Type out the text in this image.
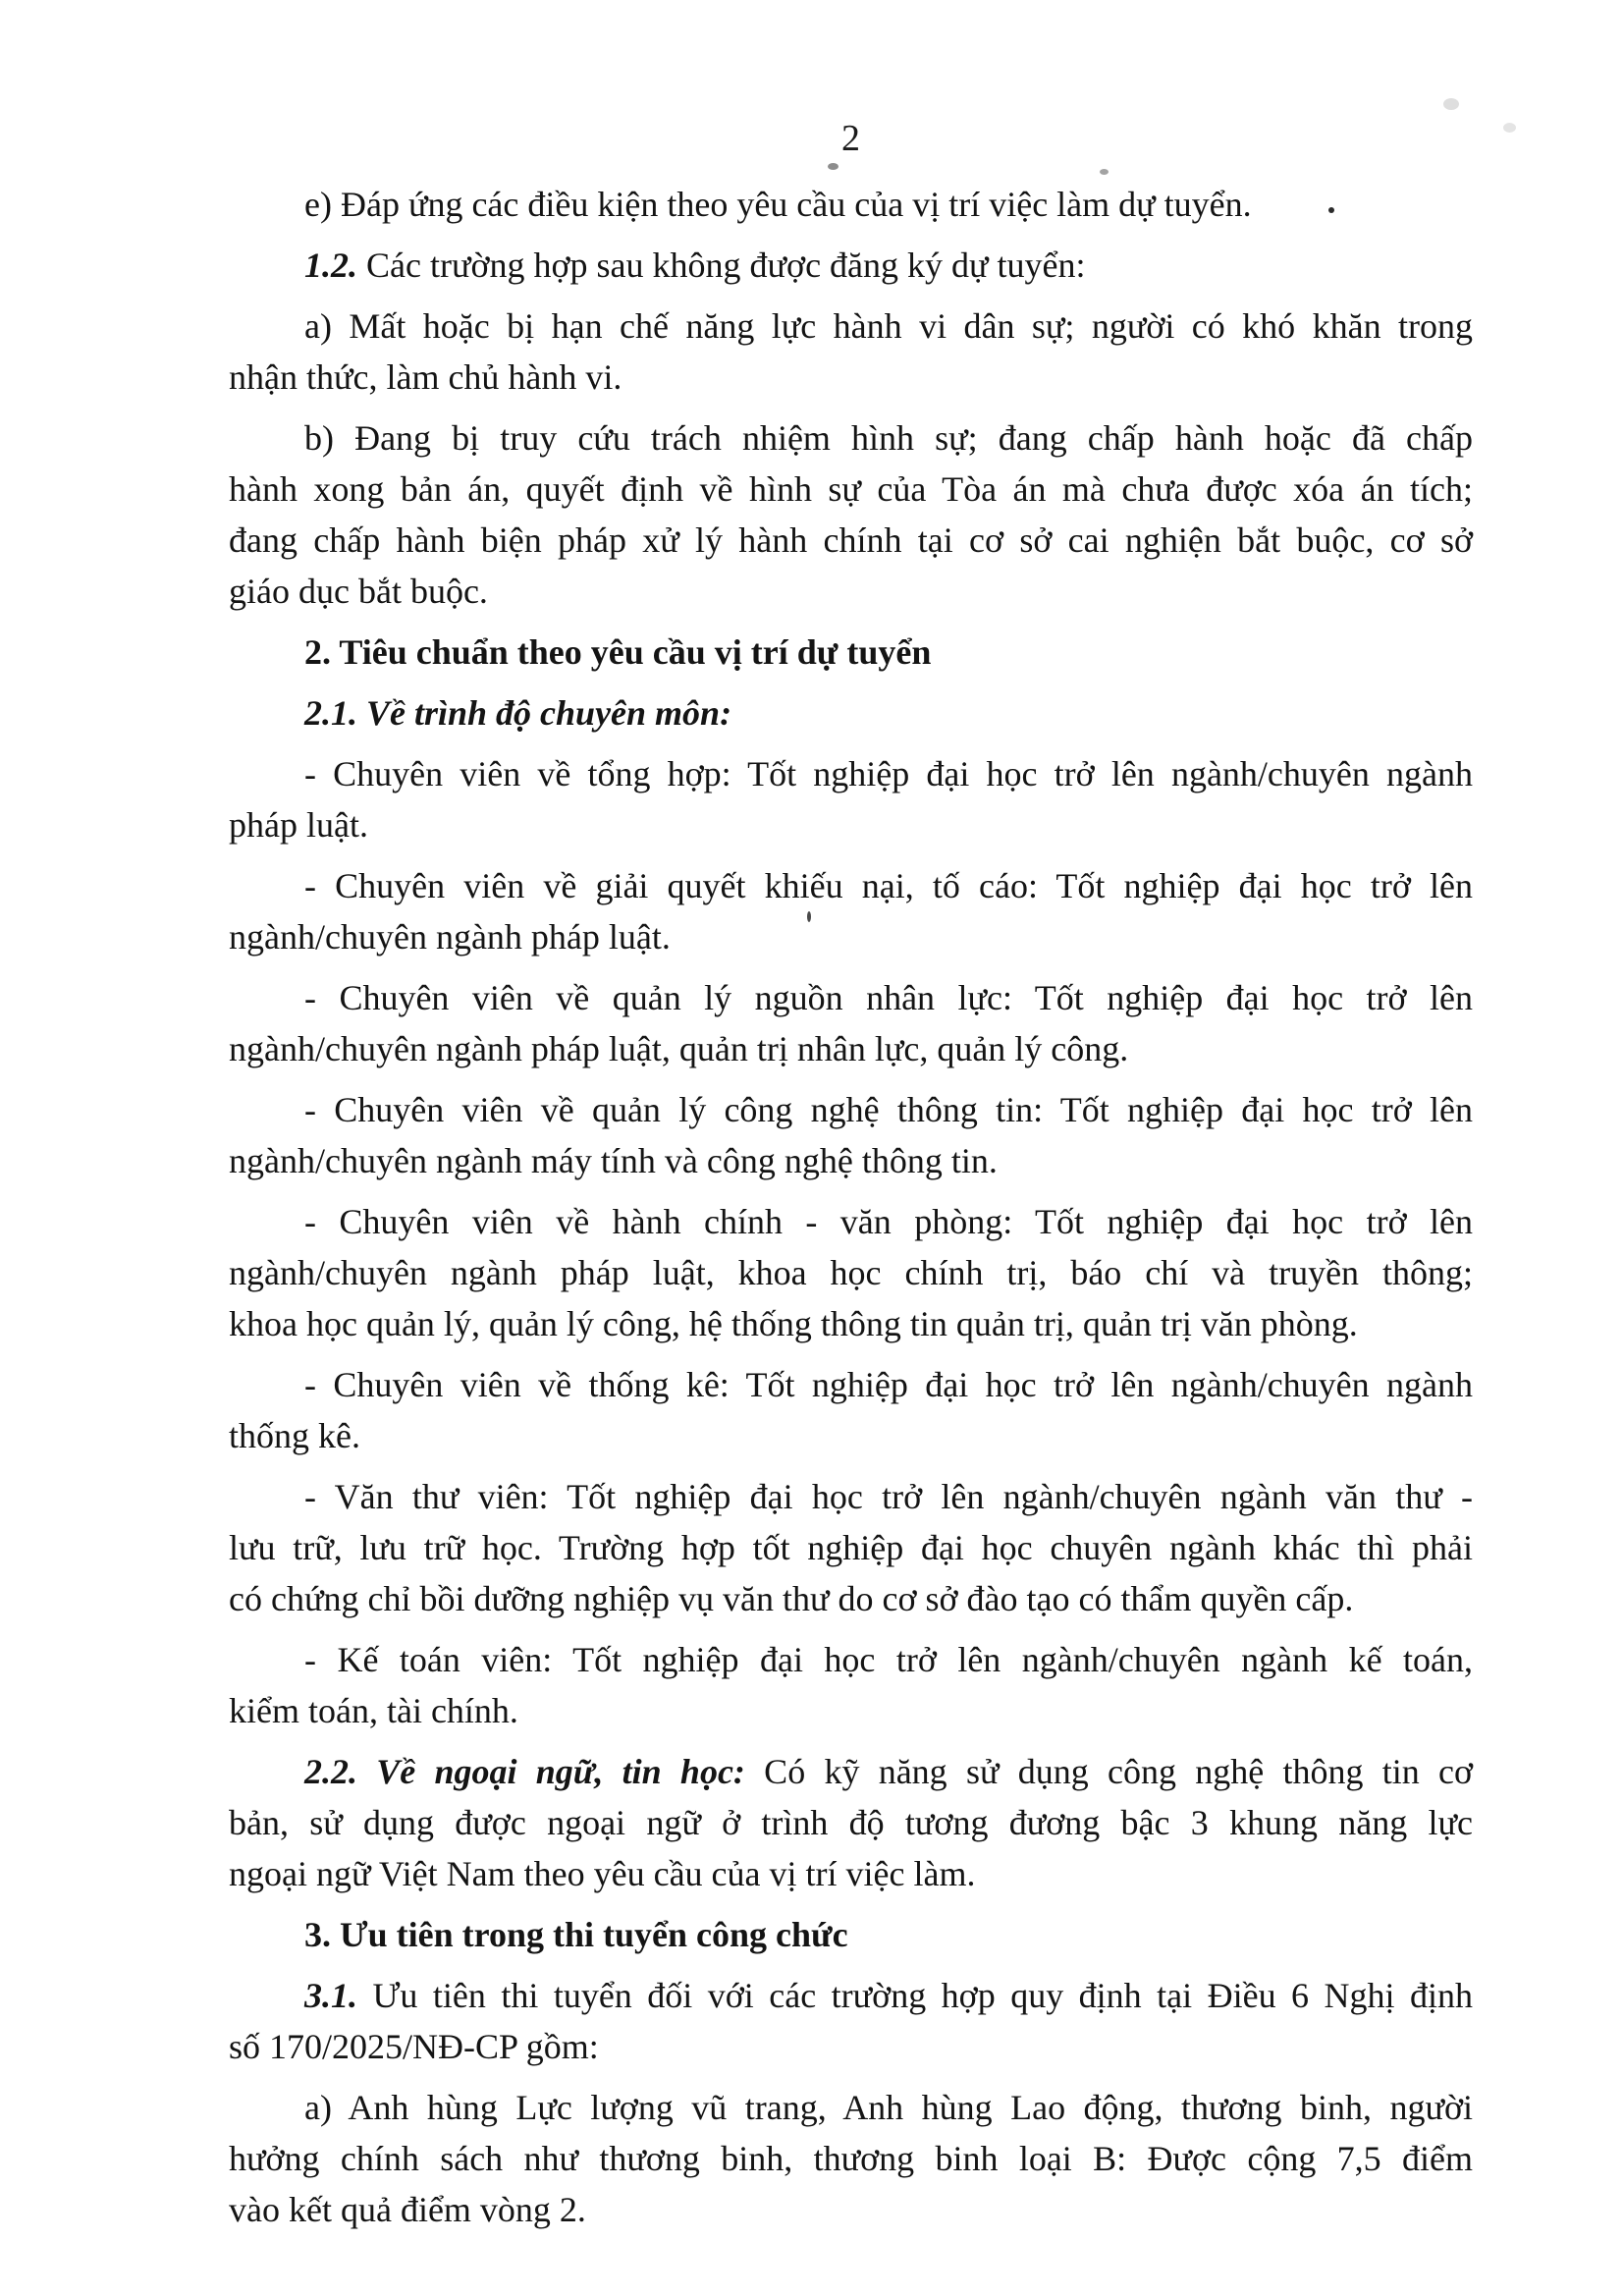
2
e) Đáp ứng các điều kiện theo yêu cầu của vị trí việc làm dự tuyển.
1.2. Các trường hợp sau không được đăng ký dự tuyển:
a) Mất hoặc bị hạn chế năng lực hành vi dân sự; người có khó khăn trong
nhận thức, làm chủ hành vi.
b) Đang bị truy cứu trách nhiệm hình sự; đang chấp hành hoặc đã chấp
hành xong bản án, quyết định về hình sự của Tòa án mà chưa được xóa án tích;
đang chấp hành biện pháp xử lý hành chính tại cơ sở cai nghiện bắt buộc, cơ sở
giáo dục bắt buộc.
2. Tiêu chuẩn theo yêu cầu vị trí dự tuyển
2.1. Về trình độ chuyên môn:
- Chuyên viên về tổng hợp: Tốt nghiệp đại học trở lên ngành/chuyên ngành
pháp luật.
- Chuyên viên về giải quyết khiếu nại, tố cáo: Tốt nghiệp đại học trở lên
ngành/chuyên ngành pháp luật.
- Chuyên viên về quản lý nguồn nhân lực: Tốt nghiệp đại học trở lên
ngành/chuyên ngành pháp luật, quản trị nhân lực, quản lý công.
- Chuyên viên về quản lý công nghệ thông tin: Tốt nghiệp đại học trở lên
ngành/chuyên ngành máy tính và công nghệ thông tin.
- Chuyên viên về hành chính - văn phòng: Tốt nghiệp đại học trở lên
ngành/chuyên ngành pháp luật, khoa học chính trị, báo chí và truyền thông;
khoa học quản lý, quản lý công, hệ thống thông tin quản trị, quản trị văn phòng.
- Chuyên viên về thống kê: Tốt nghiệp đại học trở lên ngành/chuyên ngành
thống kê.
- Văn thư viên: Tốt nghiệp đại học trở lên ngành/chuyên ngành văn thư -
lưu trữ, lưu trữ học. Trường hợp tốt nghiệp đại học chuyên ngành khác thì phải
có chứng chỉ bồi dưỡng nghiệp vụ văn thư do cơ sở đào tạo có thẩm quyền cấp.
- Kế toán viên: Tốt nghiệp đại học trở lên ngành/chuyên ngành kế toán,
kiểm toán, tài chính.
2.2. Về ngoại ngữ, tin học: Có kỹ năng sử dụng công nghệ thông tin cơ
bản, sử dụng được ngoại ngữ ở trình độ tương đương bậc 3 khung năng lực
ngoại ngữ Việt Nam theo yêu cầu của vị trí việc làm.
3. Ưu tiên trong thi tuyển công chức
3.1. Ưu tiên thi tuyển đối với các trường hợp quy định tại Điều 6 Nghị định
số 170/2025/NĐ-CP gồm:
a) Anh hùng Lực lượng vũ trang, Anh hùng Lao động, thương binh, người
hưởng chính sách như thương binh, thương binh loại B: Được cộng 7,5 điểm
vào kết quả điểm vòng 2.
